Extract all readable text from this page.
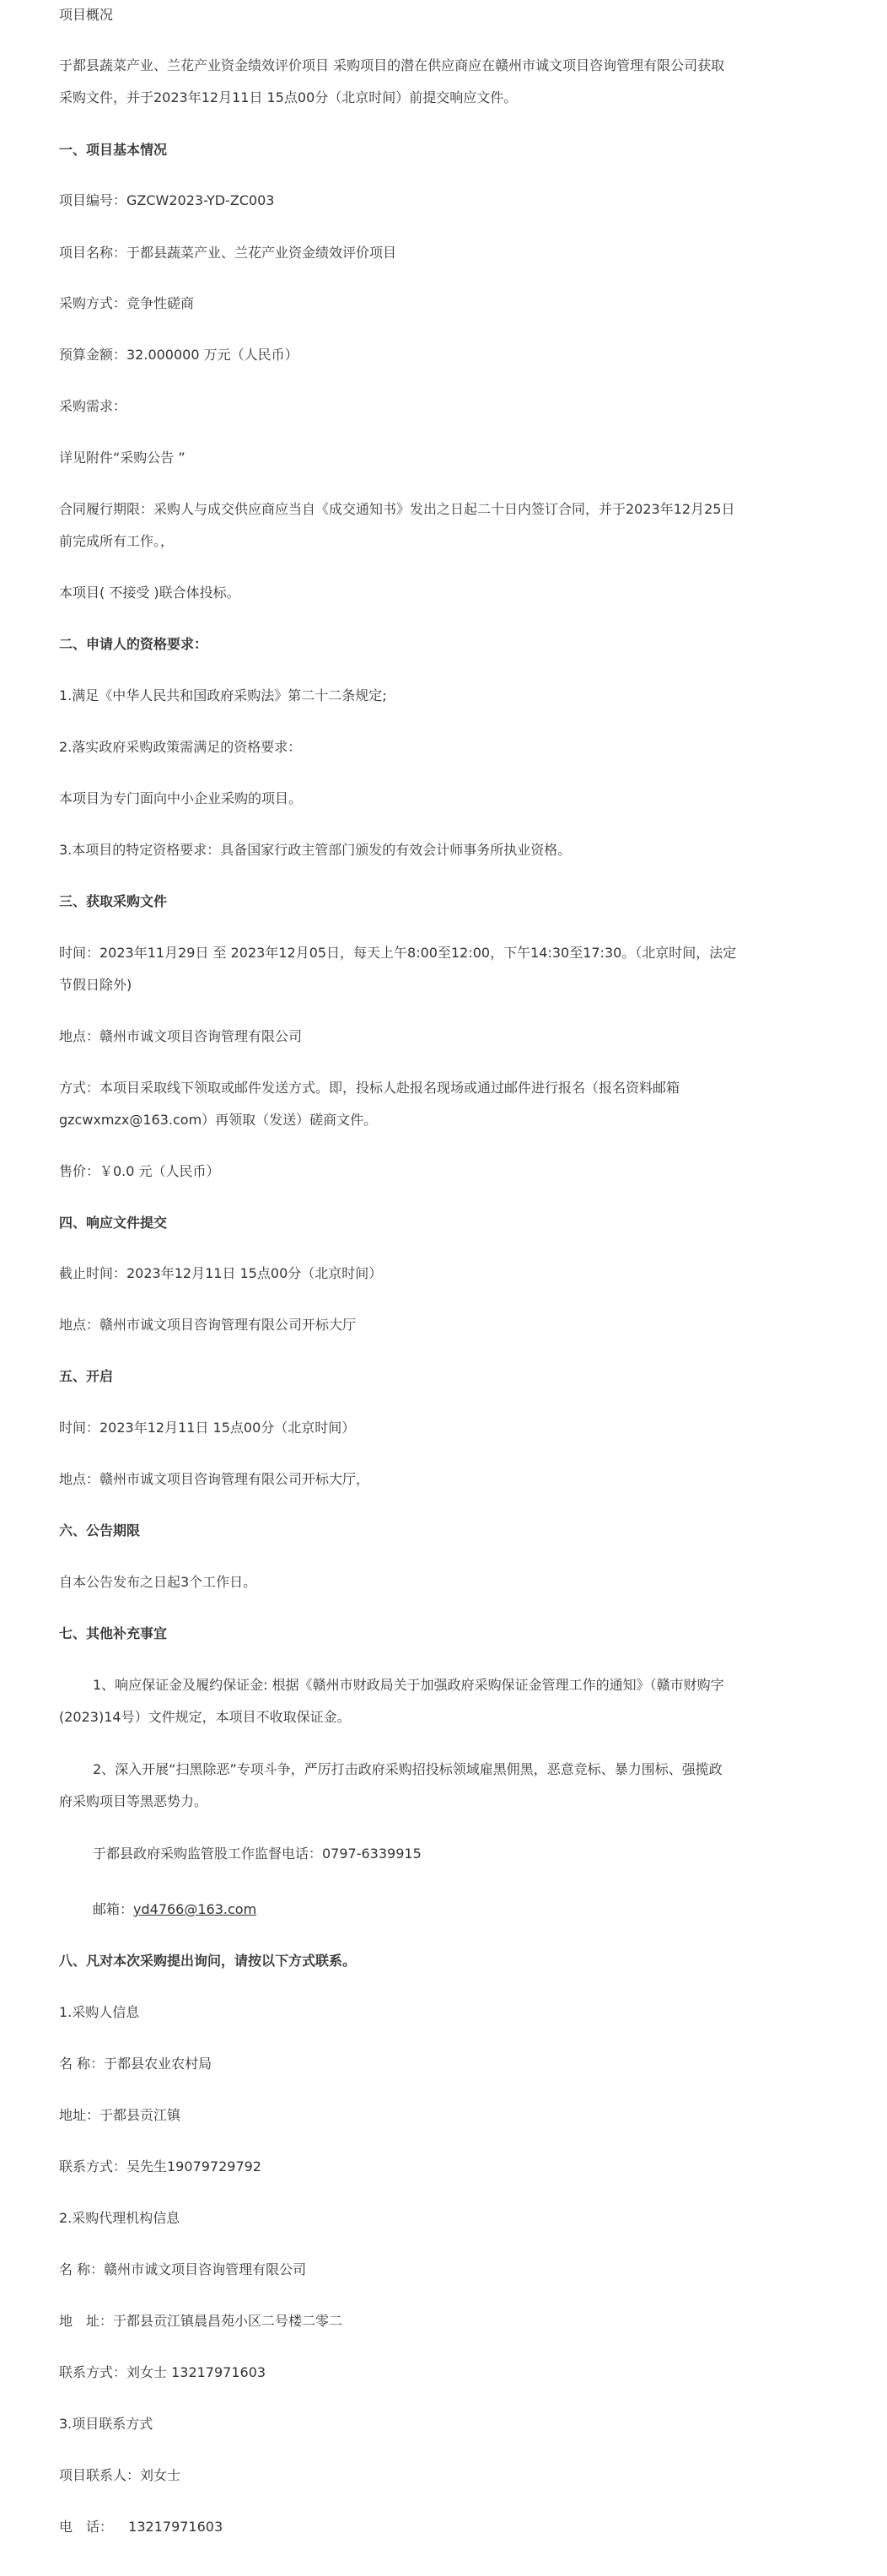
项目概况
于都县蔬菜产业、兰花产业资金绩效评价项目 采购项目的潜在供应商应在赣州市诚文项目咨询管理有限公司获取
采购文件，并于2023年12月11日 15点00分（北京时间）前提交响应文件。
一、项目基本情况
项目编号：GZCW2023-YD-ZC003
项目名称：于都县蔬菜产业、兰花产业资金绩效评价项目
采购方式：竞争性磋商
预算金额：32.000000 万元（人民币）
采购需求：
详见附件“采购公告 ”
合同履行期限：采购人与成交供应商应当自《成交通知书》发出之日起二十日内签订合同，并于2023年12月25日
前完成所有工作。，
本项目( 不接受 )联合体投标。
二、申请人的资格要求：
1.满足《中华人民共和国政府采购法》第二十二条规定;
2.落实政府采购政策需满足的资格要求：
本项目为专门面向中小企业采购的项目。
3.本项目的特定资格要求：具备国家行政主管部门颁发的有效会计师事务所执业资格。
三、获取采购文件
时间：2023年11月29日 至 2023年12月05日，每天上午8:00至12:00，下午14:30至17:30。（北京时间，法定
节假日除外)
地点：赣州市诚文项目咨询管理有限公司
方式：本项目采取线下领取或邮件发送方式。即，投标人赴报名现场或通过邮件进行报名（报名资料邮箱
gzcwxmzx@163.com）再领取（发送）磋商文件。
售价：￥0.0 元（人民币）
四、响应文件提交
截止时间：2023年12月11日 15点00分（北京时间）
地点：赣州市诚文项目咨询管理有限公司开标大厅
五、开启
时间：2023年12月11日 15点00分（北京时间）
地点：赣州市诚文项目咨询管理有限公司开标大厅，
六、公告期限
自本公告发布之日起3个工作日。
七、其他补充事宜
1、响应保证金及履约保证金: 根据《赣州市财政局关于加强政府采购保证金管理工作的通知》（赣市财购字
(2023)14号）文件规定，本项目不收取保证金。
2、深入开展“扫黑除恶”专项斗争，严厉打击政府采购招投标领域雇黑佣黑，恶意竞标、暴力围标、强揽政
府采购项目等黑恶势力。
于都县政府采购监管股工作监督电话：0797-6339915
邮箱：yd4766@163.com
八、凡对本次采购提出询问，请按以下方式联系。
1.采购人信息
名 称：于都县农业农村局
地址：于都县贡江镇
联系方式：吴先生19079729792
2.采购代理机构信息
名 称：赣州市诚文项目咨询管理有限公司
地　址：于都县贡江镇晨昌苑小区二号楼二零二
联系方式：刘女士 13217971603
3.项目联系方式
项目联系人：刘女士
电　话：　  13217971603
